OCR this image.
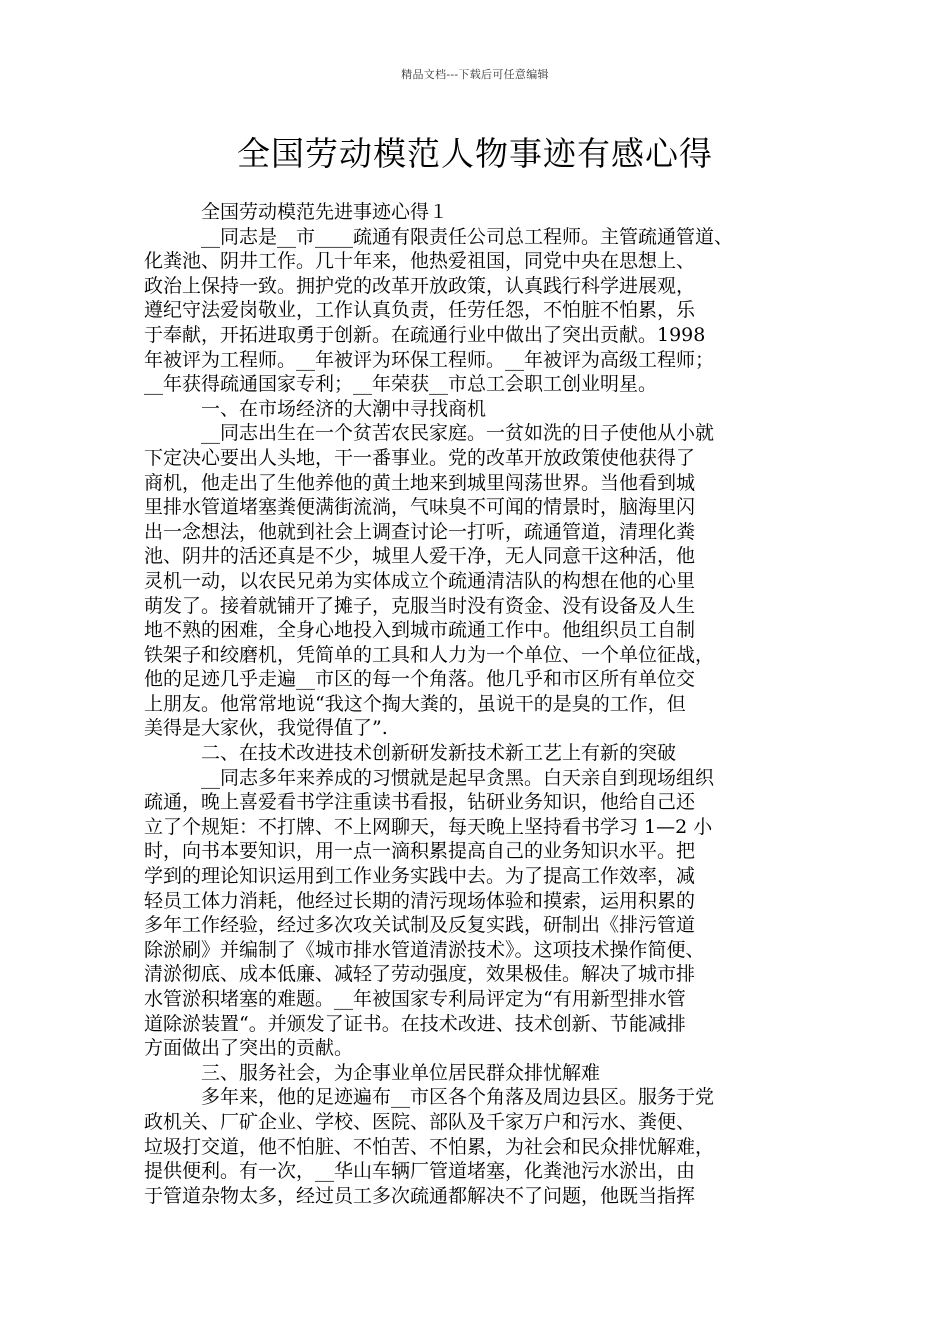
精品文档---下载后可任意编辑
全国劳动模范人物事迹有感心得
全国劳动模范先进事迹心得１
__同志是__市____疏通有限责任公司总工程师。主管疏通管道、
化粪池、阴井工作。几十年来，他热爱祖国，同党中央在思想上、
政治上保持一致。拥护党的改革开放政策，认真践行科学进展观，
遵纪守法爱岗敬业，工作认真负责，任劳任怨，不怕脏不怕累，乐
于奉献，开拓进取勇于创新。在疏通行业中做出了突出贡献。1998
年被评为工程师。__年被评为环保工程师。__年被评为高级工程师；
__年获得疏通国家专利；__年荣获__市总工会职工创业明星。
一、在市场经济的大潮中寻找商机
__同志出生在一个贫苦农民家庭。一贫如洗的日子使他从小就
下定决心要出人头地，干一番事业。党的改革开放政策使他获得了
商机，他走出了生他养他的黄土地来到城里闯荡世界。当他看到城
里排水管道堵塞粪便满街流淌，气味臭不可闻的情景时，脑海里闪
出一念想法，他就到社会上调查讨论一打听，疏通管道，清理化粪
池、阴井的活还真是不少，城里人爱干净，无人同意干这种活，他
灵机一动，以农民兄弟为实体成立个疏通清洁队的构想在他的心里
萌发了。接着就铺开了摊子，克服当时没有资金、没有设备及人生
地不熟的困难，全身心地投入到城市疏通工作中。他组织员工自制
铁架子和绞磨机，凭简单的工具和人力为一个单位、一个单位征战，
他的足迹几乎走遍__市区的每一个角落。他几乎和市区所有单位交
上朋友。他常常地说“我这个掏大粪的，虽说干的是臭的工作，但
美得是大家伙，我觉得值了”.
二、在技术改进技术创新研发新技术新工艺上有新的突破
__同志多年来养成的习惯就是起早贪黑。白天亲自到现场组织
疏通，晚上喜爱看书学注重读书看报，钻研业务知识，他给自己还
立了个规矩：不打牌、不上网聊天，每天晚上坚持看书学习 1—2 小
时，向书本要知识，用一点一滴积累提高自己的业务知识水平。把
学到的理论知识运用到工作业务实践中去。为了提高工作效率，减
轻员工体力消耗，他经过长期的清污现场体验和摸索，运用积累的
多年工作经验，经过多次攻关试制及反复实践，研制出《排污管道
除淤刷》并编制了《城市排水管道清淤技术》。这项技术操作简便、
清淤彻底、成本低廉、减轻了劳动强度，效果极佳。解决了城市排
水管淤积堵塞的难题。__年被国家专利局评定为“有用新型排水管
道除淤装置“。并颁发了证书。在技术改进、技术创新、节能减排
方面做出了突出的贡献。
三、服务社会，为企事业单位居民群众排忧解难
多年来，他的足迹遍布__市区各个角落及周边县区。服务于党
政机关、厂矿企业、学校、医院、部队及千家万户和污水、粪便、
垃圾打交道，他不怕脏、不怕苦、不怕累，为社会和民众排忧解难，
提供便利。有一次，__华山车辆厂管道堵塞，化粪池污水淤出，由
于管道杂物太多，经过员工多次疏通都解决不了问题，他既当指挥
